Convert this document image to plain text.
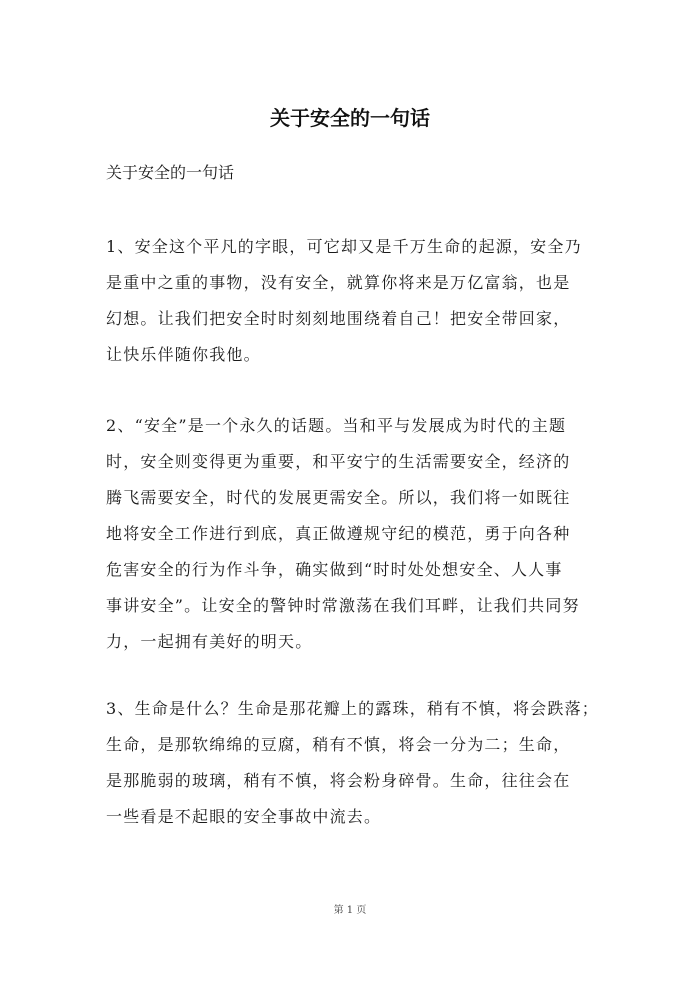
关于安全的一句话
关于安全的一句话
1、安全这个平凡的字眼，可它却又是千万生命的起源，安全乃
是重中之重的事物，没有安全，就算你将来是万亿富翁，也是
幻想。让我们把安全时时刻刻地围绕着自己！把安全带回家，
让快乐伴随你我他。
2、“安全”是一个永久的话题。当和平与发展成为时代的主题
时，安全则变得更为重要，和平安宁的生活需要安全，经济的
腾飞需要安全，时代的发展更需安全。所以，我们将一如既往
地将安全工作进行到底，真正做遵规守纪的模范，勇于向各种
危害安全的行为作斗争，确实做到“时时处处想安全、人人事
事讲安全”。让安全的警钟时常激荡在我们耳畔，让我们共同努
力，一起拥有美好的明天。
3、生命是什么？生命是那花瓣上的露珠，稍有不慎，将会跌落；
生命，是那软绵绵的豆腐，稍有不慎，将会一分为二；生命，
是那脆弱的玻璃，稍有不慎，将会粉身碎骨。生命，往往会在
一些看是不起眼的安全事故中流去。
第 1 页
